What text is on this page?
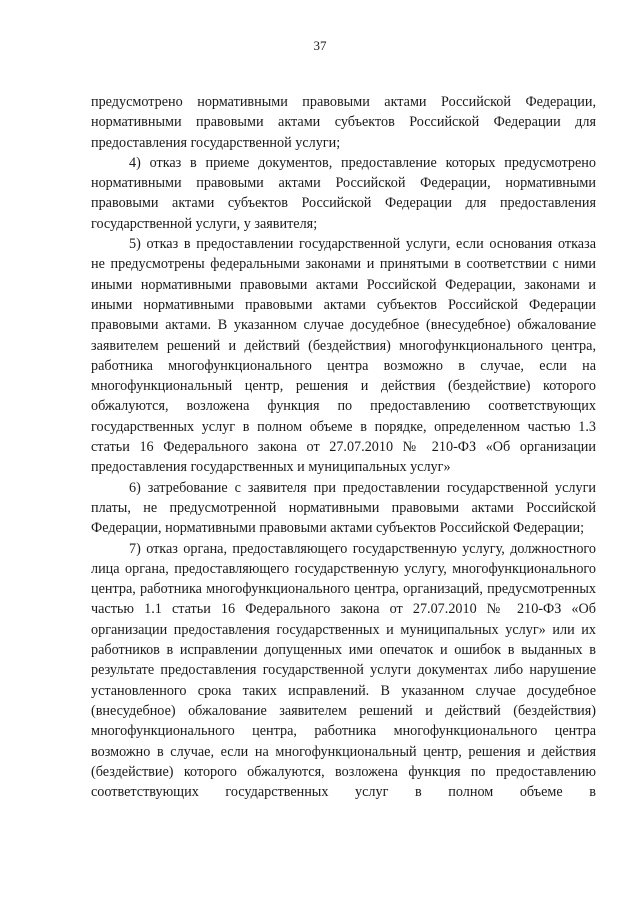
37

предусмотрено нормативными правовыми актами Российской Федерации, нормативными правовыми актами субъектов Российской Федерации для предоставления государственной услуги;

4) отказ в приеме документов, предоставление которых предусмотрено нормативными правовыми актами Российской Федерации, нормативными правовыми актами субъектов Российской Федерации для предоставления государственной услуги, у заявителя;

5) отказ в предоставлении государственной услуги, если основания отказа не предусмотрены федеральными законами и принятыми в соответствии с ними иными нормативными правовыми актами Российской Федерации, законами и иными нормативными правовыми актами субъектов Российской Федерации правовыми актами. В указанном случае досудебное (внесудебное) обжалование заявителем решений и действий (бездействия) многофункционального центра, работника многофункционального центра возможно в случае, если на многофункциональный центр, решения и действия (бездействие) которого обжалуются, возложена функция по предоставлению соответствующих государственных услуг в полном объеме в порядке, определенном частью 1.3 статьи 16 Федерального закона от 27.07.2010 № 210-ФЗ «Об организации предоставления государственных и муниципальных услуг»

6) затребование с заявителя при предоставлении государственной услуги платы, не предусмотренной нормативными правовыми актами Российской Федерации, нормативными правовыми актами субъектов Российской Федерации;

7) отказ органа, предоставляющего государственную услугу, должностного лица органа, предоставляющего государственную услугу, многофункционального центра, работника многофункционального центра, организаций, предусмотренных частью 1.1 статьи 16 Федерального закона от 27.07.2010 № 210-ФЗ «Об организации предоставления государственных и муниципальных услуг» или их работников в исправлении допущенных ими опечаток и ошибок в выданных в результате предоставления государственной услуги документах либо нарушение установленного срока таких исправлений. В указанном случае досудебное (внесудебное) обжалование заявителем решений и действий (бездействия) многофункционального центра, работника многофункционального центра возможно в случае, если на многофункциональный центр, решения и действия (бездействие) которого обжалуются, возложена функция по предоставлению соответствующих государственных услуг в полном объеме в
